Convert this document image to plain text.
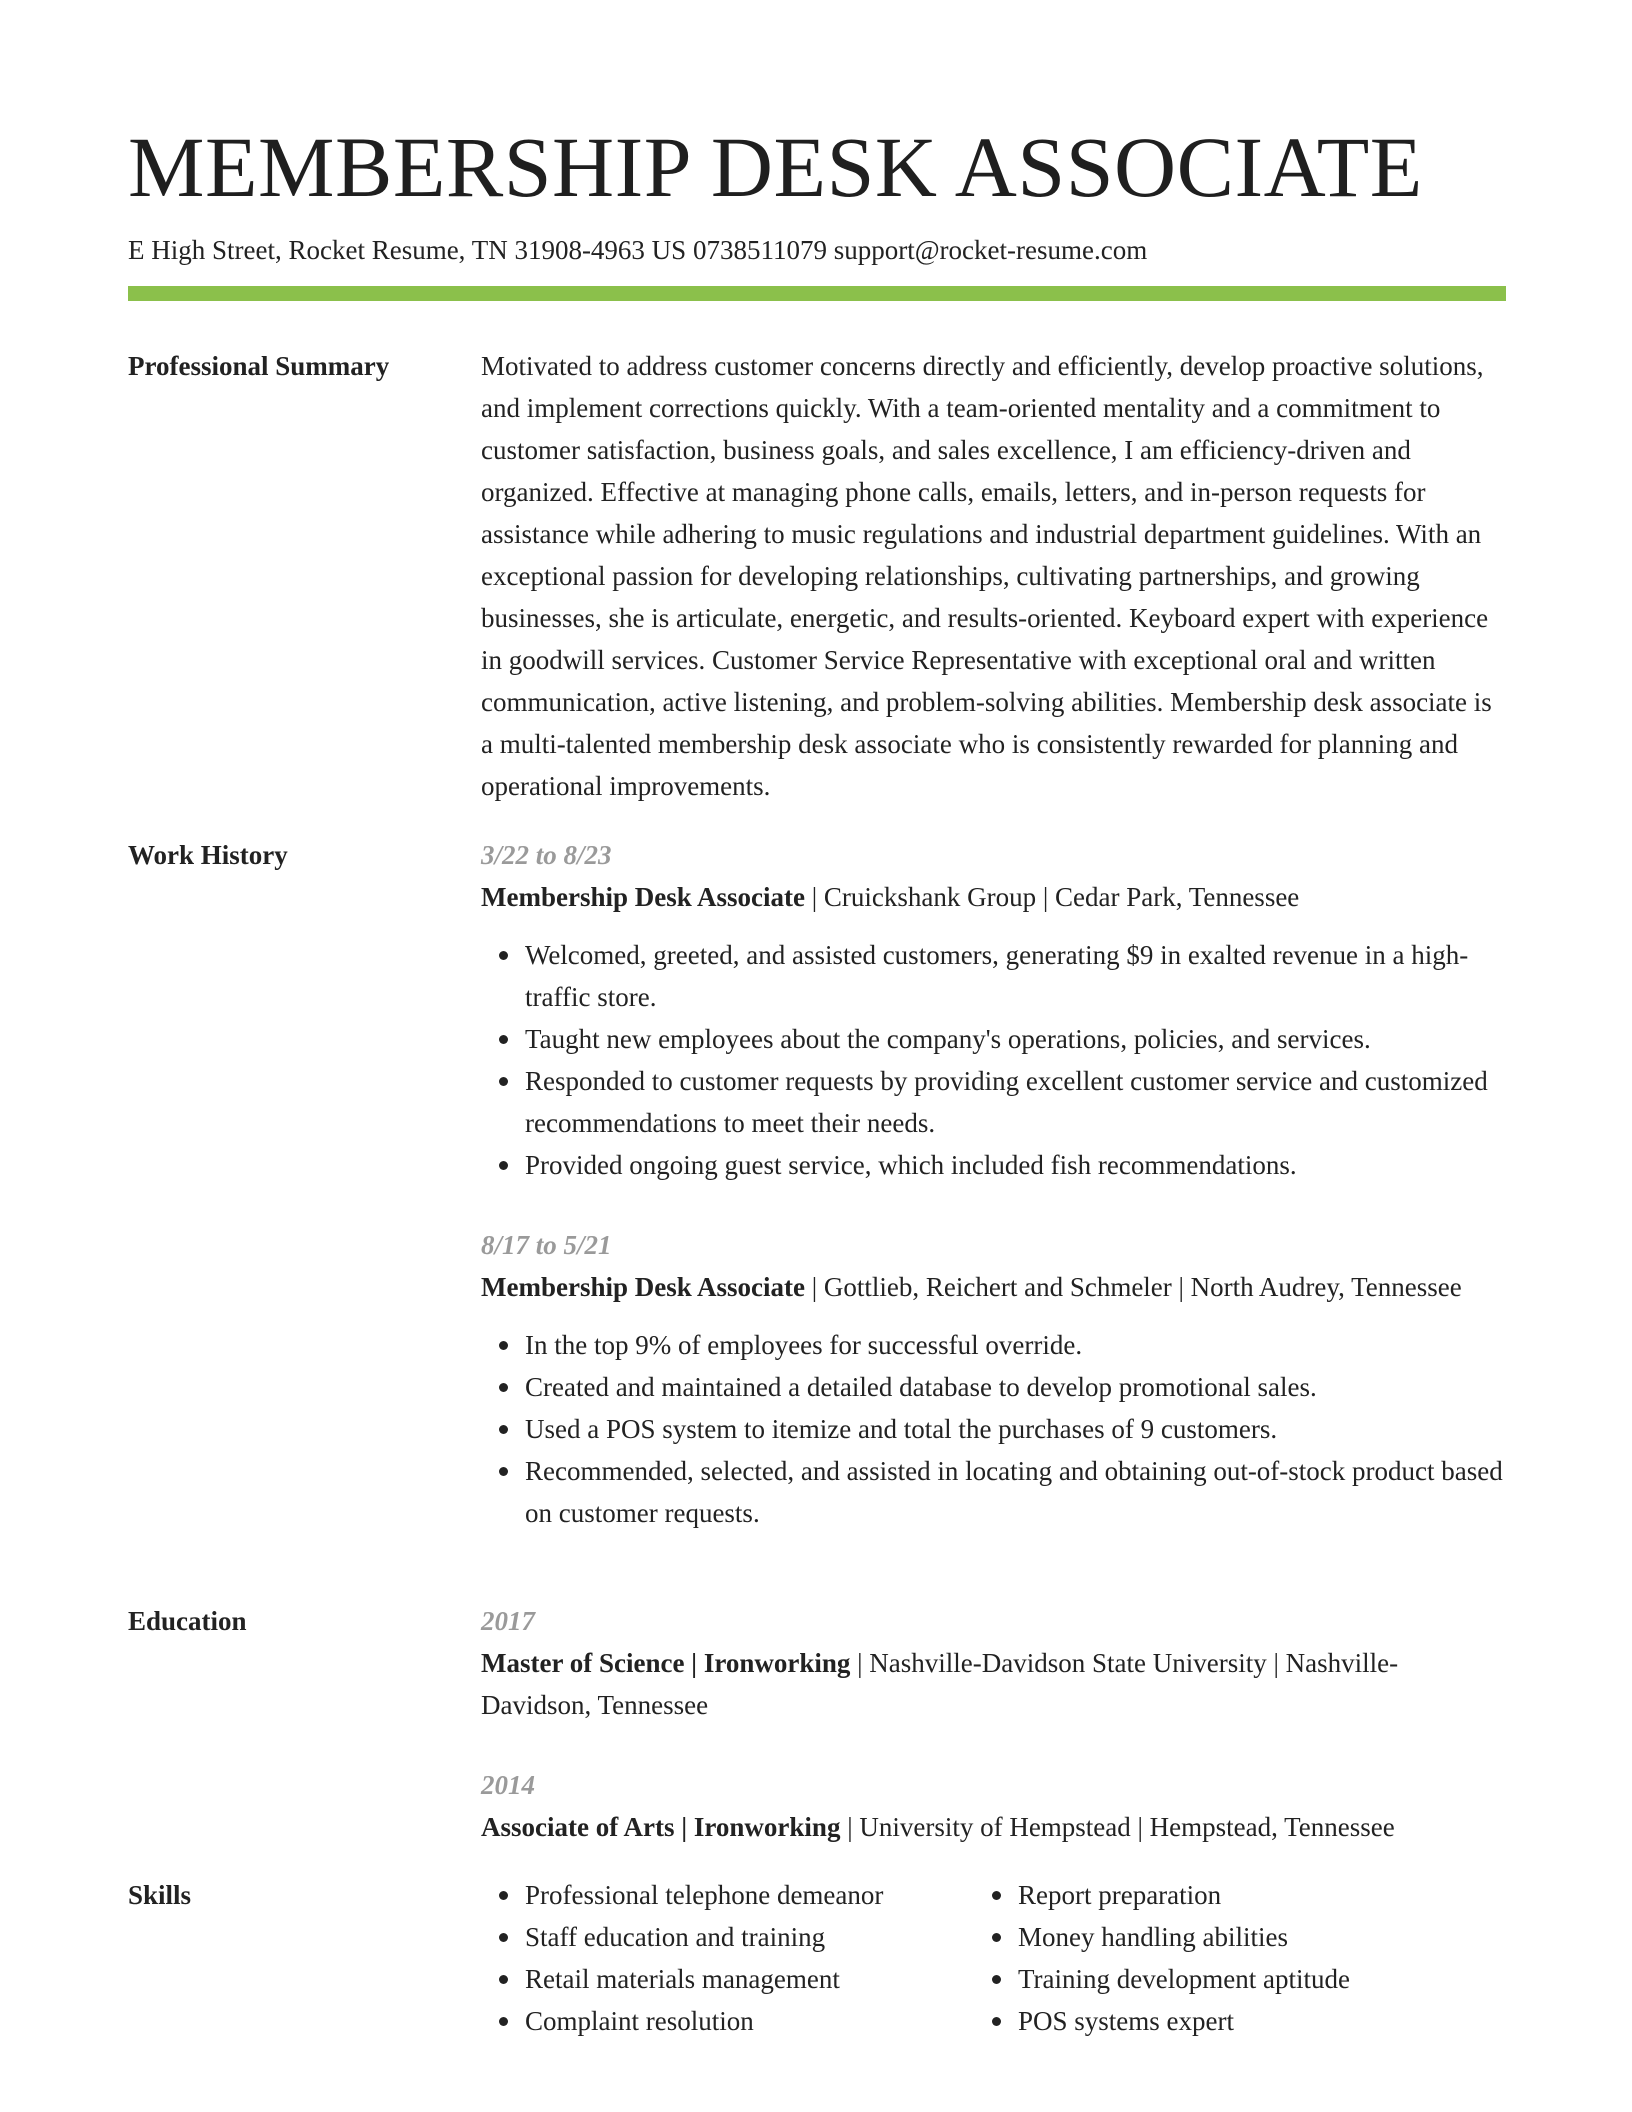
MEMBERSHIP DESK ASSOCIATE
E High Street, Rocket Resume, TN 31908-4963 US 0738511079 support@rocket-resume.com
Professional Summary	Motivated to address customer concerns directly and efficiently, develop proactive solutions, and implement corrections quickly. With a team-oriented mentality and a commitment to customer satisfaction, business goals, and sales excellence, I am efficiency-driven and organized. Effective at managing phone calls, emails, letters, and in-person requests for assistance while adhering to music regulations and industrial department guidelines. With an exceptional passion for developing relationships, cultivating partnerships, and growing businesses, she is articulate, energetic, and results-oriented. Keyboard expert with experience in goodwill services. Customer Service Representative with exceptional oral and written communication, active listening, and problem-solving abilities. Membership desk associate is a multi-talented membership desk associate who is consistently rewarded for planning and operational improvements.

Work History	3/22 to 8/23
Membership Desk Associate | Cruickshank Group | Cedar Park, Tennessee
Welcomed, greeted, and assisted customers, generating $9 in exalted revenue in a high-traffic store.
Taught new employees about the company's operations, policies, and services.
Responded to customer requests by providing excellent customer service and customized recommendations to meet their needs.
Provided ongoing guest service, which included fish recommendations.
8/17 to 5/21
Membership Desk Associate | Gottlieb, Reichert and Schmeler | North Audrey, Tennessee
In the top 9% of employees for successful override.
Created and maintained a detailed database to develop promotional sales.
Used a POS system to itemize and total the purchases of 9 customers.
Recommended, selected, and assisted in locating and obtaining out-of-stock product based on customer requests.
Education	2017
Master of Science | Ironworking | Nashville-Davidson State University | Nashville-Davidson, Tennessee
2014
Associate of Arts | Ironworking | University of Hempstead | Hempstead, Tennessee
Skills	Professional telephone demeanor
Staff education and training
Retail materials management
Complaint resolution
Report preparation
Money handling abilities
Training development aptitude
POS systems expert
